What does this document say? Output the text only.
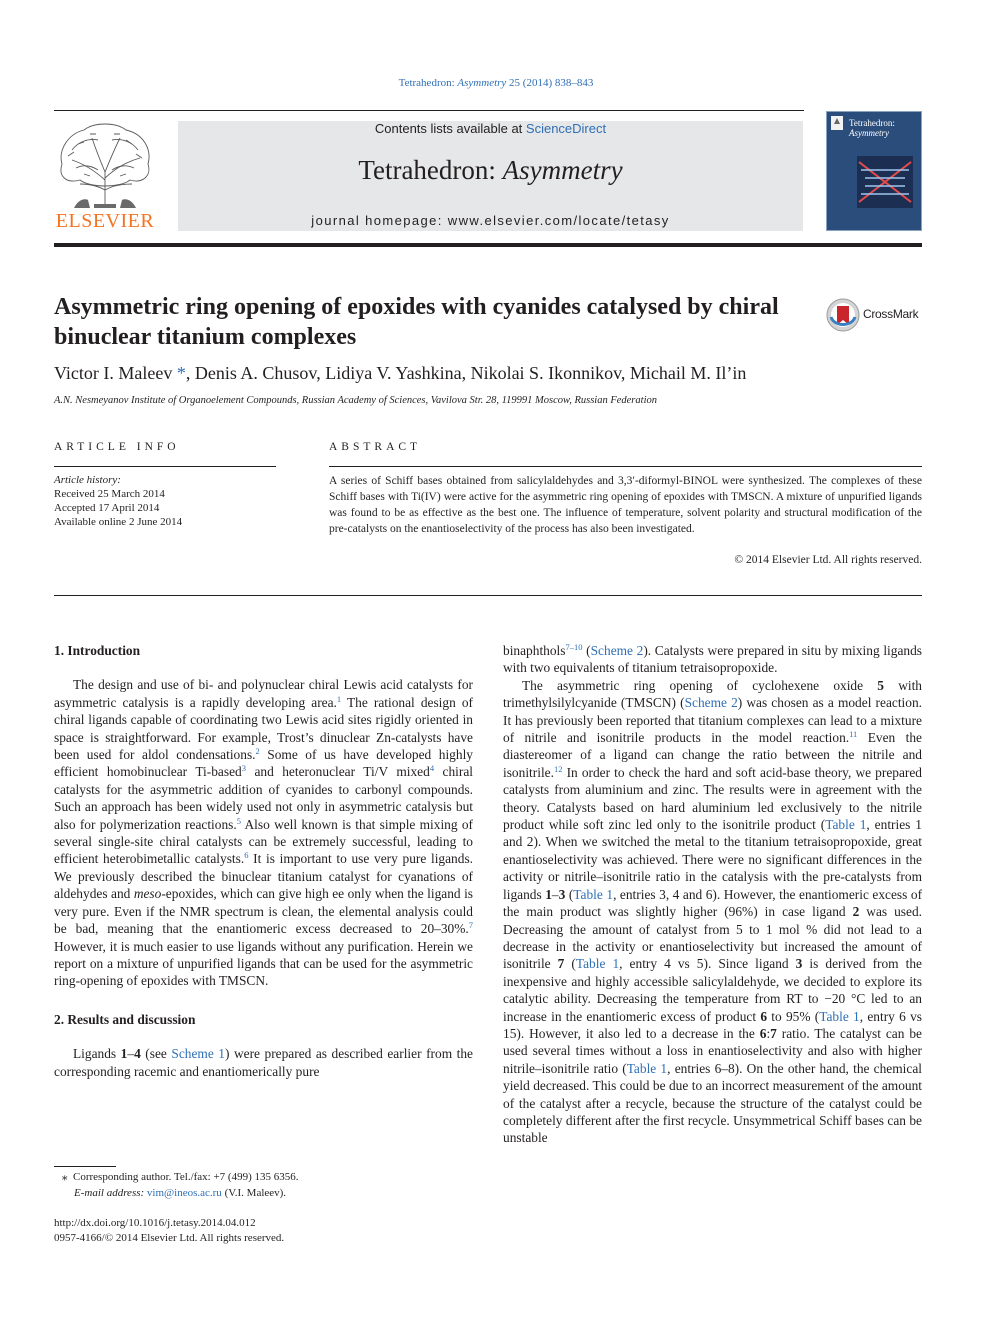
Tetrahedron: Asymmetry 25 (2014) 838–843
ELSEVIER
Contents lists available at ScienceDirect
Tetrahedron: Asymmetry
journal homepage: www.elsevier.com/locate/tetasy
Tetrahedron:
Asymmetry
Asymmetric ring opening of epoxides with cyanides catalysed by chiral binuclear titanium complexes
CrossMark
Victor I. Maleev *, Denis A. Chusov, Lidiya V. Yashkina, Nikolai S. Ikonnikov, Michail M. Il’in
A.N. Nesmeyanov Institute of Organoelement Compounds, Russian Academy of Sciences, Vavilova Str. 28, 119991 Moscow, Russian Federation
ARTICLE INFO
Article history:
Received 25 March 2014
Accepted 17 April 2014
Available online 2 June 2014
ABSTRACT
A series of Schiff bases obtained from salicylaldehydes and 3,3′-diformyl-BINOL were synthesized. The complexes of these Schiff bases with Ti(IV) were active for the asymmetric ring opening of epoxides with TMSCN. A mixture of unpurified ligands was found to be as effective as the best one. The influence of temperature, solvent polarity and structural modification of the pre-catalysts on the enantioselectivity of the process has also been investigated.
© 2014 Elsevier Ltd. All rights reserved.
1. Introduction

The design and use of bi- and polynuclear chiral Lewis acid catalysts for asymmetric catalysis is a rapidly developing area.$^1$ The rational design of chiral ligands capable of coordinating two Lewis acid sites rigidly oriented in space is straightforward. For example, Trost’s dinuclear Zn-catalysts have been used for aldol condensations.$^2$ Some of us have developed highly efficient homobinuclear Ti-based$^3$ and heteronuclear Ti/V mixed$^4$ chiral catalysts for the asymmetric addition of cyanides to carbonyl compounds. Such an approach has been widely used not only in asymmetric catalysis but also for polymerization reactions.$^5$ Also well known is that simple mixing of several single-site chiral catalysts can be extremely successful, leading to efficient heterobimetallic catalysts.$^6$ It is important to use very pure ligands. We previously described the binuclear titanium catalyst for cyanations of aldehydes and meso-epoxides, which can give high ee only when the ligand is very pure. Even if the NMR spectrum is clean, the elemental analysis could be bad, meaning that the enantiomeric excess decreased to 20–30%.$^7$ However, it is much easier to use ligands without any purification. Herein we report on a mixture of unpurified ligands that can be used for the asymmetric ring-opening of epoxides with TMSCN.

2. Results and discussion

Ligands 1–4 (see Scheme 1) were prepared as described earlier from the corresponding racemic and enantiomerically pure

⁎ Corresponding author. Tel./fax: +7 (499) 135 6356.
E-mail address: vim@ineos.ac.ru (V.I. Maleev).
http://dx.doi.org/10.1016/j.tetasy.2014.04.012
0957-4166/© 2014 Elsevier Ltd. All rights reserved.

binaphthols$^{7-10}$ (Scheme 2). Catalysts were prepared in situ by mixing ligands with two equivalents of titanium tetraisopropoxide.

The asymmetric ring opening of cyclohexene oxide 5 with trimethylsilylcyanide (TMSCN) (Scheme 2) was chosen as a model reaction. It has previously been reported that titanium complexes can lead to a mixture of nitrile and isonitrile products in the model reaction.$^{11}$ Even the diastereomer of a ligand can change the ratio between the nitrile and isonitrile.$^{12}$ In order to check the hard and soft acid-base theory, we prepared catalysts from aluminium and zinc. The results were in agreement with the theory. Catalysts based on hard aluminium led exclusively to the nitrile product while soft zinc led only to the isonitrile product (Table 1, entries 1 and 2). When we switched the metal to the titanium tetraisopropoxide, great enantioselectivity was achieved. There were no significant differences in the activity or nitrile–isonitrile ratio in the catalysis with the pre-catalysts from ligands 1–3 (Table 1, entries 3, 4 and 6). However, the enantiomeric excess of the main product was slightly higher (96%) in case ligand 2 was used. Decreasing the amount of catalyst from 5 to 1 mol % did not lead to a decrease in the activity or enantioselectivity but increased the amount of isonitrile 7 (Table 1, entry 4 vs 5). Since ligand 3 is derived from the inexpensive and highly accessible salicylaldehyde, we decided to explore its catalytic ability. Decreasing the temperature from RT to −20 °C led to an increase in the enantiomeric excess of product 6 to 95% (Table 1, entry 6 vs 15). However, it also led to a decrease in the 6:7 ratio. The catalyst can be used several times without a loss in enantioselectivity and also with higher nitrile–isonitrile ratio (Table 1, entries 6–8). On the other hand, the chemical yield decreased. This could be due to an incorrect measurement of the amount of the catalyst after a recycle, because the structure of the catalyst could be completely different after the first recycle. Unsymmetrical Schiff bases can be unstable
